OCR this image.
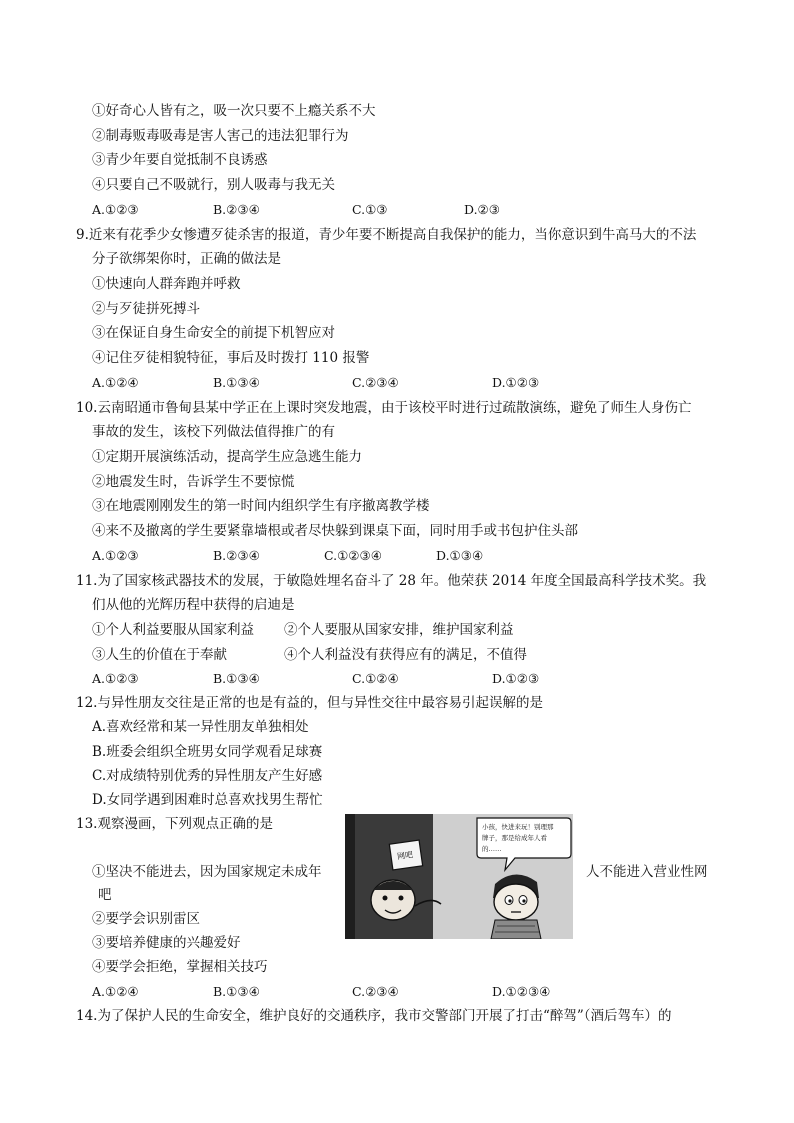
①好奇心人皆有之，吸一次只要不上瘾关系不大
②制毒贩毒吸毒是害人害己的违法犯罪行为
③青少年要自觉抵制不良诱惑
④只要自己不吸就行，别人吸毒与我无关
A.①②③	B.②③④	C.①③	D.②③
9.近来有花季少女惨遭歹徒杀害的报道，青少年要不断提高自我保护的能力，当你意识到牛高马大的不法
分子欲绑架你时，正确的做法是
①快速向人群奔跑并呼救
②与歹徒拼死搏斗
③在保证自身生命安全的前提下机智应对
④记住歹徒相貌特征，事后及时拨打 110 报警
A.①②④	B.①③④	C.②③④	D.①②③
10.云南昭通市鲁甸县某中学正在上课时突发地震，由于该校平时进行过疏散演练，避免了师生人身伤亡
事故的发生，该校下列做法值得推广的有
①定期开展演练活动，提高学生应急逃生能力
②地震发生时，告诉学生不要惊慌
③在地震刚刚发生的第一时间内组织学生有序撤离教学楼
④来不及撤离的学生要紧靠墙根或者尽快躲到课桌下面，同时用手或书包护住头部
A.①②③	B.②③④	C.①②③④	D.①③④
11.为了国家核武器技术的发展，于敏隐姓埋名奋斗了 28 年。他荣获 2014 年度全国最高科学技术奖。我
们从他的光辉历程中获得的启迪是
①个人利益要服从国家利益 ②个人要服从国家安排，维护国家利益
③人生的价值在于奉献	④个人利益没有获得应有的满足，不值得
A.①②③	B.①③④	C.①②④	D.①②③
12.与异性朋友交往是正常的也是有益的，但与异性交往中最容易引起误解的是
A.喜欢经常和某一异性朋友单独相处
B.班委会组织全班男女同学观看足球赛
C.对成绩特别优秀的异性朋友产生好感
D.女同学遇到困难时总喜欢找男生帮忙
13.观察漫画，下列观点正确的是
①坚决不能进去，因为国家规定未成年	人不能进入营业性网
吧
②要学会识别雷区
③要培养健康的兴趣爱好
④要学会拒绝，掌握相关技巧
A.①②④	B.①③④	C.②③④	D.①②③④
网吧
小孩，快进来玩！别理那
牌子，那是给成年人看
的……
14.为了保护人民的生命安全，维护良好的交通秩序，我市交警部门开展了打击“醉驾”（酒后驾车）的
